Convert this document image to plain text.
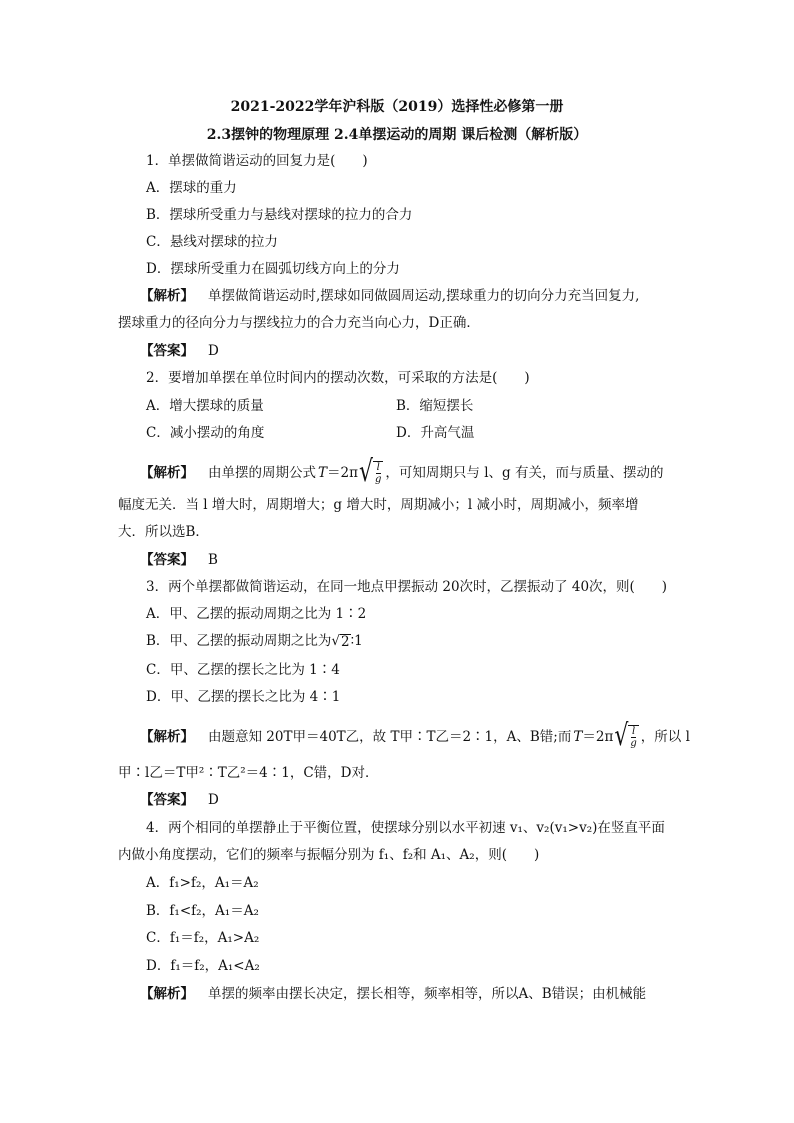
2021-2022学年沪科版（2019）选择性必修第一册
2.3摆钟的物理原理 2.4单摆运动的周期 课后检测（解析版）
1．单摆做简谐运动的回复力是(　　)
A．摆球的重力
B．摆球所受重力与悬线对摆球的拉力的合力
C．悬线对摆球的拉力
D．摆球所受重力在圆弧切线方向上的分力
【解析】 单摆做简谐运动时,摆球如同做圆周运动,摆球重力的切向分力充当回复力,
摆球重力的径向分力与摆线拉力的合力充当向心力，D正确．
【答案】 D
2．要增加单摆在单位时间内的摆动次数，可采取的方法是(　　)
A．增大摆球的质量	B．缩短摆长
C．减小摆动的角度	D．升高气温
【解析】 由单摆的周期公式 T ＝2π √ $\frac{l}{g}$ ，可知周期只与 l、g 有关，而与质量、摆动的
幅度无关．当 l 增大时，周期增大；g 增大时，周期减小；l 减小时，周期减小，频率增
大．所以选B．
【答案】 B
3．两个单摆都做简谐运动，在同一地点甲摆振动 20次时，乙摆振动了 40次，则(　　)
A．甲、乙摆的振动周期之比为 1∶2
B．甲、乙摆的振动周期之比为 √ 2 ∶1
C．甲、乙摆的摆长之比为 1∶4
D．甲、乙摆的摆长之比为 4∶1
【解析】 由题意知 20T甲＝40T乙，故 T甲∶T乙＝2∶1，A、B错;而 T ＝2π √ $\frac{l}{g}$ ，所以 l
甲∶l乙＝T甲²∶T乙²＝4∶1，C错，D对．
【答案】 D
4．两个相同的单摆静止于平衡位置，使摆球分别以水平初速 v₁、v₂(v₁>v₂)在竖直平面
内做小角度摆动，它们的频率与振幅分别为 f₁、f₂和 A₁、A₂，则(　　)
A．f₁>f₂，A₁＝A₂
B．f₁<f₂，A₁＝A₂
C．f₁＝f₂，A₁>A₂
D．f₁＝f₂，A₁<A₂
【解析】 单摆的频率由摆长决定，摆长相等，频率相等，所以A、B错误；由机械能
